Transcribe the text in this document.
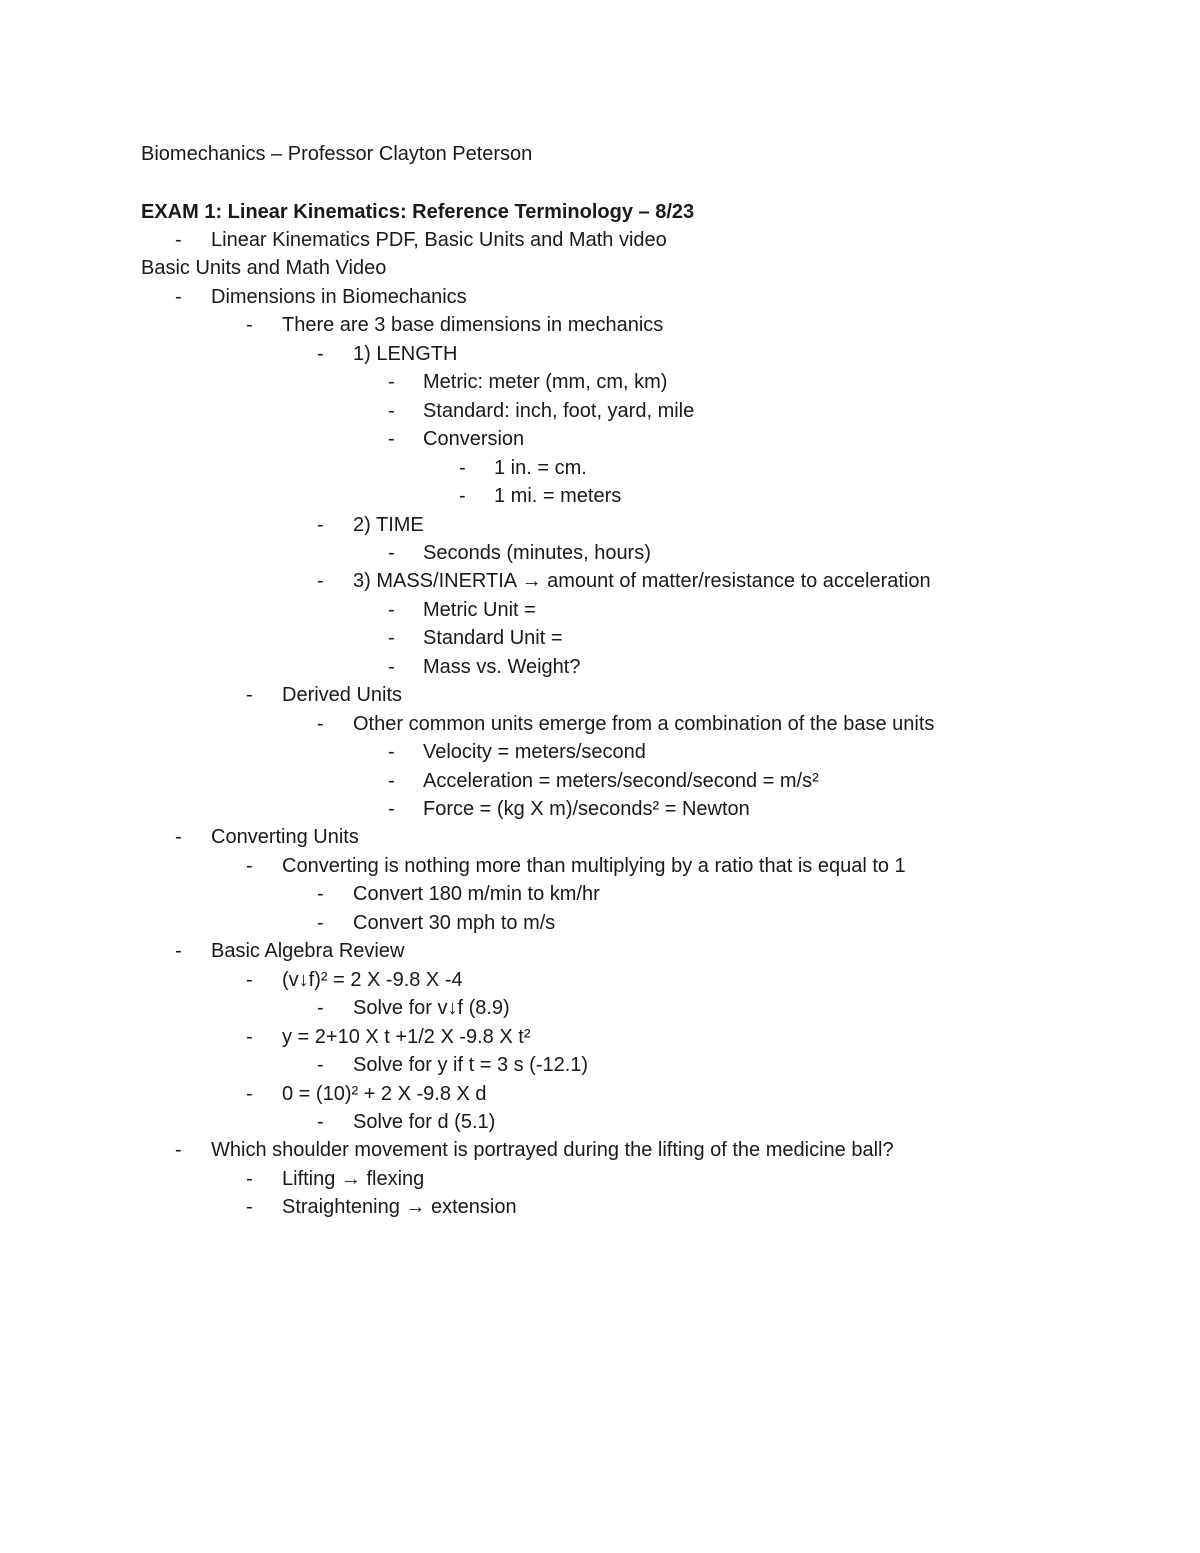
Biomechanics – Professor Clayton Peterson
EXAM 1: Linear Kinematics: Reference Terminology – 8/23
- Linear Kinematics PDF, Basic Units and Math video
Basic Units and Math Video
- Dimensions in Biomechanics
- There are 3 base dimensions in mechanics
- 1) LENGTH
- Metric: meter (mm, cm, km)
- Standard: inch, foot, yard, mile
- Conversion
- 1 in. = cm.
- 1 mi. = meters
- 2) TIME
- Seconds (minutes, hours)
- 3) MASS/INERTIA → amount of matter/resistance to acceleration
- Metric Unit =
- Standard Unit =
- Mass vs. Weight?
- Derived Units
- Other common units emerge from a combination of the base units
- Velocity = meters/second
- Acceleration = meters/second/second = m/s²
- Force = (kg X m)/seconds² = Newton
- Converting Units
- Converting is nothing more than multiplying by a ratio that is equal to 1
- Convert 180 m/min to km/hr
- Convert 30 mph to m/s
- Basic Algebra Review
- (v↓f)² = 2 X -9.8 X -4
- Solve for v↓f (8.9)
- y = 2+10 X t +1/2 X -9.8 X t²
- Solve for y if t = 3 s (-12.1)
- 0 = (10)² + 2 X -9.8 X d
- Solve for d (5.1)
- Which shoulder movement is portrayed during the lifting of the medicine ball?
- Lifting → flexing
- Straightening → extension
